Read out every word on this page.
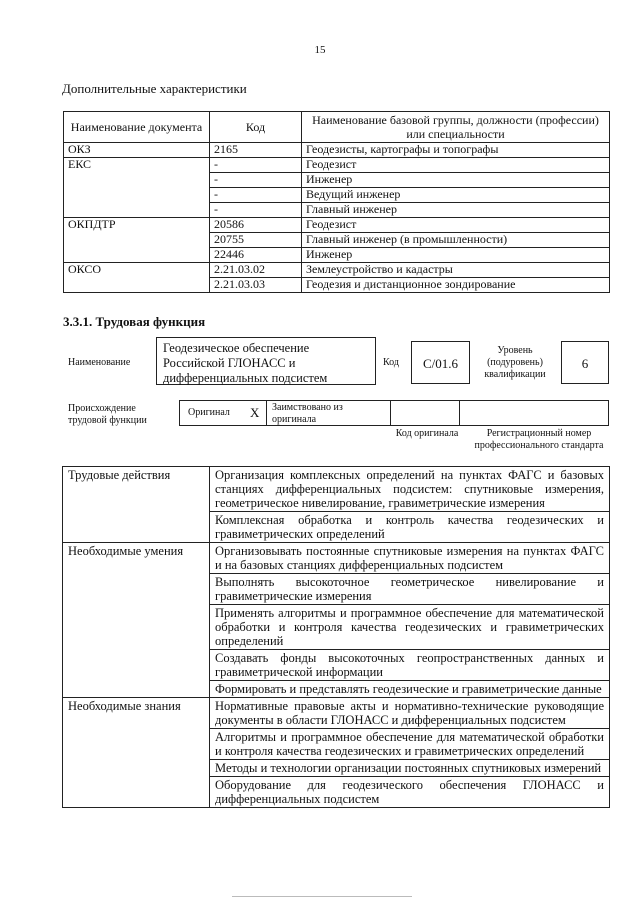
15
Дополнительные характеристики
Наименование документа	Код	Наименование базовой группы, должности (профессии) или специальности
ОКЗ	2165	Геодезисты, картографы и топографы
ЕКС	-	Геодезист
	-	Инженер
	-	Ведущий инженер
	-	Главный инженер
ОКПДТР	20586	Геодезист
	20755	Главный инженер (в промышленности)
	22446	Инженер
ОКСО	2.21.03.02	Землеустройство и кадастры
	2.21.03.03	Геодезия и дистанционное зондирование
3.3.1. Трудовая функция
Наименование
Геодезическое обеспечение Российской ГЛОНАСС и дифференциальных подсистем
Код	С/01.6
Уровень (подуровень) квалификации
6
Происхождение трудовой функции
Оригинал Х Заимствовано из оригинала
Код оригинала	Регистрационный номер профессионального стандарта
Трудовые действия	Организация комплексных определений на пунктах ФАГС и базовых станциях дифференциальных подсистем: спутниковые измерения, геометрическое нивелирование, гравиметрические измерения
	Комплексная обработка и контроль качества геодезических и гравиметрических определений
Необходимые умения	Организовывать постоянные спутниковые измерения на пунктах ФАГС и на базовых станциях дифференциальных подсистем
	Выполнять высокоточное геометрическое нивелирование и гравиметрические измерения
	Применять алгоритмы и программное обеспечение для математической обработки и контроля качества геодезических и гравиметрических определений
	Создавать фонды высокоточных геопространственных данных и гравиметрической информации
	Формировать и представлять геодезические и гравиметрические данные
Необходимые знания	Нормативные правовые акты и нормативно-технические руководящие документы в области ГЛОНАСС и дифференциальных подсистем
	Алгоритмы и программное обеспечение для математической обработки и контроля качества геодезических и гравиметрических определений
	Методы и технологии организации постоянных спутниковых измерений
	Оборудование для геодезического обеспечения ГЛОНАСС и дифференциальных подсистем
